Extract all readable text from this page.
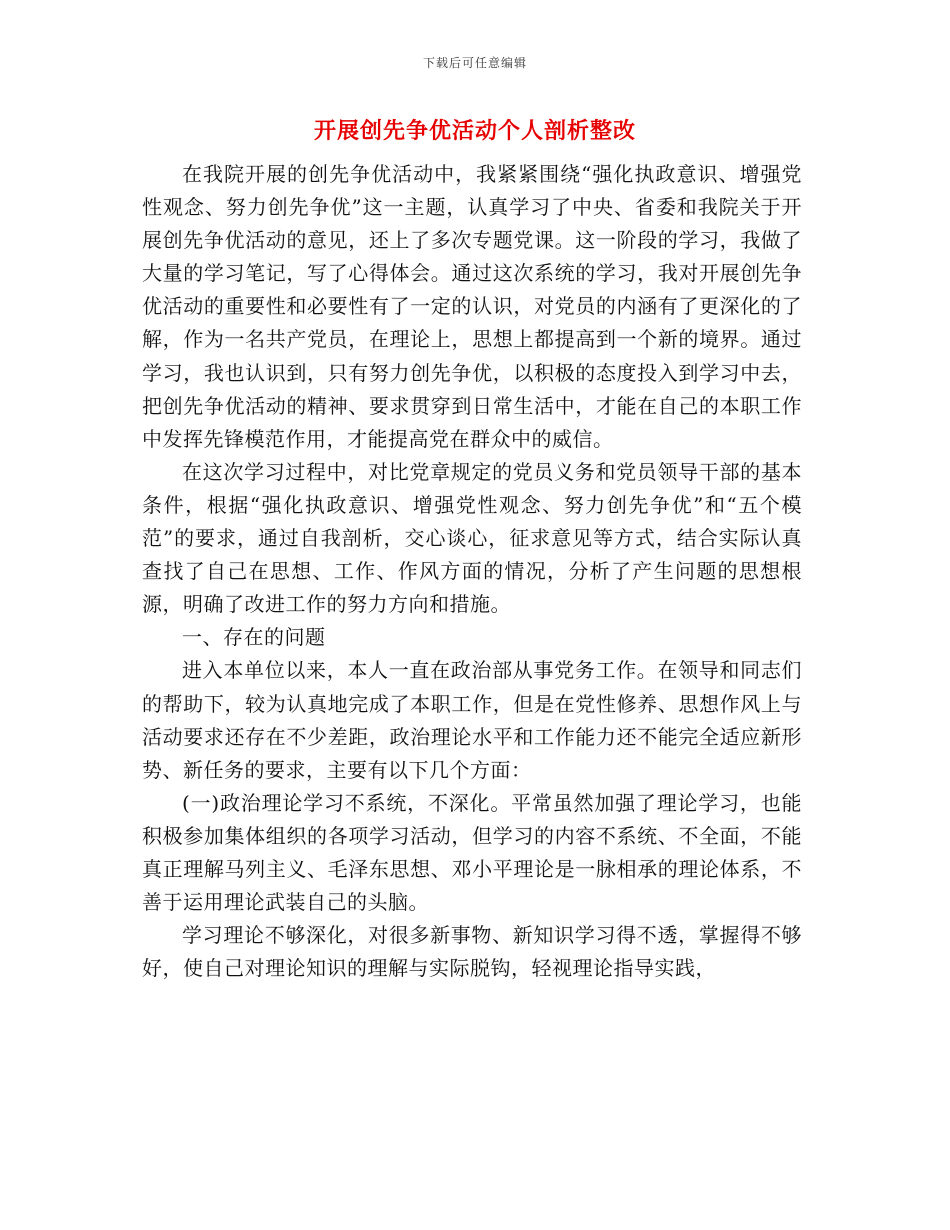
下载后可任意编辑
开展创先争优活动个人剖析整改

在我院开展的创先争优活动中，我紧紧围绕“强化执政意识、增强党性观念、努力创先争优”这一主题，认真学习了中央、省委和我院关于开展创先争优活动的意见，还上了多次专题党课。这一阶段的学习，我做了大量的学习笔记，写了心得体会。通过这次系统的学习，我对开展创先争优活动的重要性和必要性有了一定的认识，对党员的内涵有了更深化的了解，作为一名共产党员，在理论上，思想上都提高到一个新的境界。通过学习，我也认识到，只有努力创先争优，以积极的态度投入到学习中去，把创先争优活动的精神、要求贯穿到日常生活中，才能在自己的本职工作中发挥先锋模范作用，才能提高党在群众中的威信。

在这次学习过程中，对比党章规定的党员义务和党员领导干部的基本条件，根据“强化执政意识、增强党性观念、努力创先争优”和“五个模范”的要求，通过自我剖析，交心谈心，征求意见等方式，结合实际认真查找了自己在思想、工作、作风方面的情况，分析了产生问题的思想根源，明确了改进工作的努力方向和措施。

一、存在的问题

进入本单位以来，本人一直在政治部从事党务工作。在领导和同志们的帮助下，较为认真地完成了本职工作，但是在党性修养、思想作风上与活动要求还存在不少差距，政治理论水平和工作能力还不能完全适应新形势、新任务的要求，主要有以下几个方面：

(一)政治理论学习不系统，不深化。平常虽然加强了理论学习，也能积极参加集体组织的各项学习活动，但学习的内容不系统、不全面，不能真正理解马列主义、毛泽东思想、邓小平理论是一脉相承的理论体系，不善于运用理论武装自己的头脑。

学习理论不够深化，对很多新事物、新知识学习得不透，掌握得不够好，使自己对理论知识的理解与实际脱钩，轻视理论指导实践，
